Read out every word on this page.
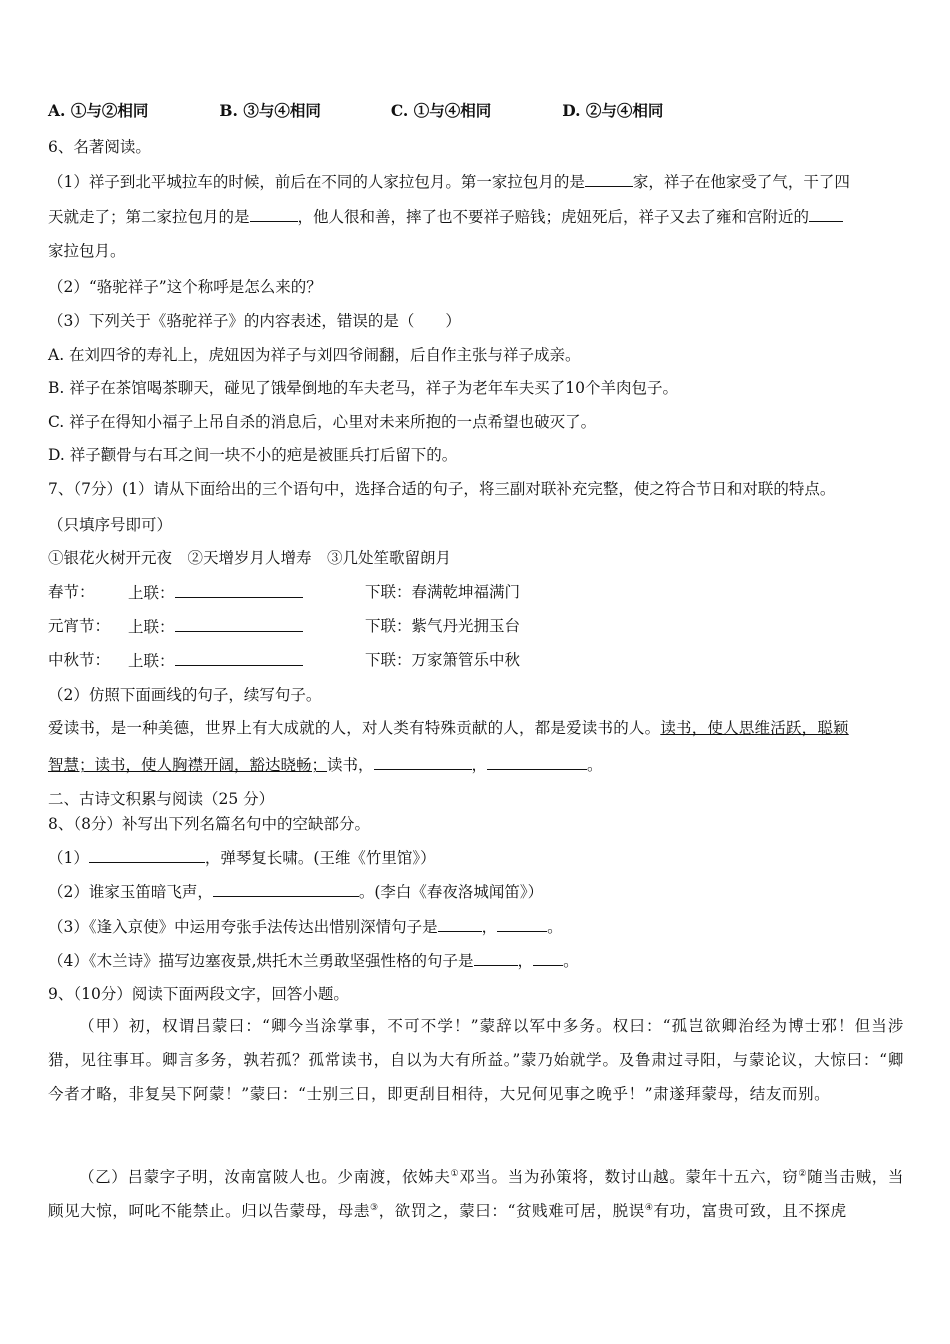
A. ①与②相同	B. ③与④相同	C. ①与④相同	D. ②与④相同
6、名著阅读。
（1）祥子到北平城拉车的时候，前后在不同的人家拉包月。第一家拉包月的是	家，祥子在他家受了气，干了四
天就走了；第二家拉包月的是	，他人很和善，摔了也不要祥子赔钱；虎妞死后，祥子又去了雍和宫附近的
家拉包月。
（2）“骆驼祥子”这个称呼是怎么来的？
（3）下列关于《骆驼祥子》的内容表述，错误的是（　　）
A. 在刘四爷的寿礼上，虎妞因为祥子与刘四爷闹翻，后自作主张与祥子成亲。
B. 祥子在茶馆喝茶聊天，碰见了饿晕倒地的车夫老马，祥子为老年车夫买了10个羊肉包子。
C. 祥子在得知小福子上吊自杀的消息后，心里对未来所抱的一点希望也破灭了。
D. 祥子颧骨与右耳之间一块不小的疤是被匪兵打后留下的。
7、（7分）(1）请从下面给出的三个语句中，选择合适的句子，将三副对联补充完整，使之符合节日和对联的特点。
（只填序号即可）
①银花火树开元夜　②天增岁月人增寿　③几处笙歌留朗月
春节： 上联：	下联：春满乾坤福满门
元宵节： 上联：	下联：紫气丹光拥玉台
中秋节： 上联：	下联：万家箫管乐中秋
（2）仿照下面画线的句子，续写句子。
爱读书，是一种美德，世界上有大成就的人，对人类有特殊贡献的人，都是爱读书的人。读书，使人思维活跃，聪颖
智慧；读书，使人胸襟开阔，豁达晓畅；读书，	，	。
二、古诗文积累与阅读（25 分）
8、（8分）补写出下列名篇名句中的空缺部分。
（1）	，弹琴复长啸。(王维《竹里馆》）
（2）谁家玉笛暗飞声，	。(李白《春夜洛城闻笛》）
（3）《逢入京使》中运用夸张手法传达出惜别深情句子是	，	。
（4）《木兰诗》描写边塞夜景,烘托木兰勇敢坚强性格的句子是	， 。
9、（10分）阅读下面两段文字，回答小题。
（甲）初，权谓吕蒙曰：“卿今当涂掌事，不可不学！”蒙辞以军中多务。权曰：“孤岂欲卿治经为博士邪！但当涉猎，见往事耳。卿言多务，孰若孤？孤常读书，自以为大有所益。”蒙乃始就学。及鲁肃过寻阳，与蒙论议，大惊曰：“卿今者才略，非复吴下阿蒙！”蒙曰：“士别三日，即更刮目相待，大兄何见事之晚乎！”肃遂拜蒙母，结友而别。
（乙）吕蒙字子明，汝南富陂人也。少南渡，依姊夫①邓当。当为孙策将，数讨山越。蒙年十五六，窃②随当击贼，当顾见大惊，呵叱不能禁止。归以告蒙母，母恚③，欲罚之，蒙曰：“贫贱难可居，脱误④有功，富贵可致，且不探虎
